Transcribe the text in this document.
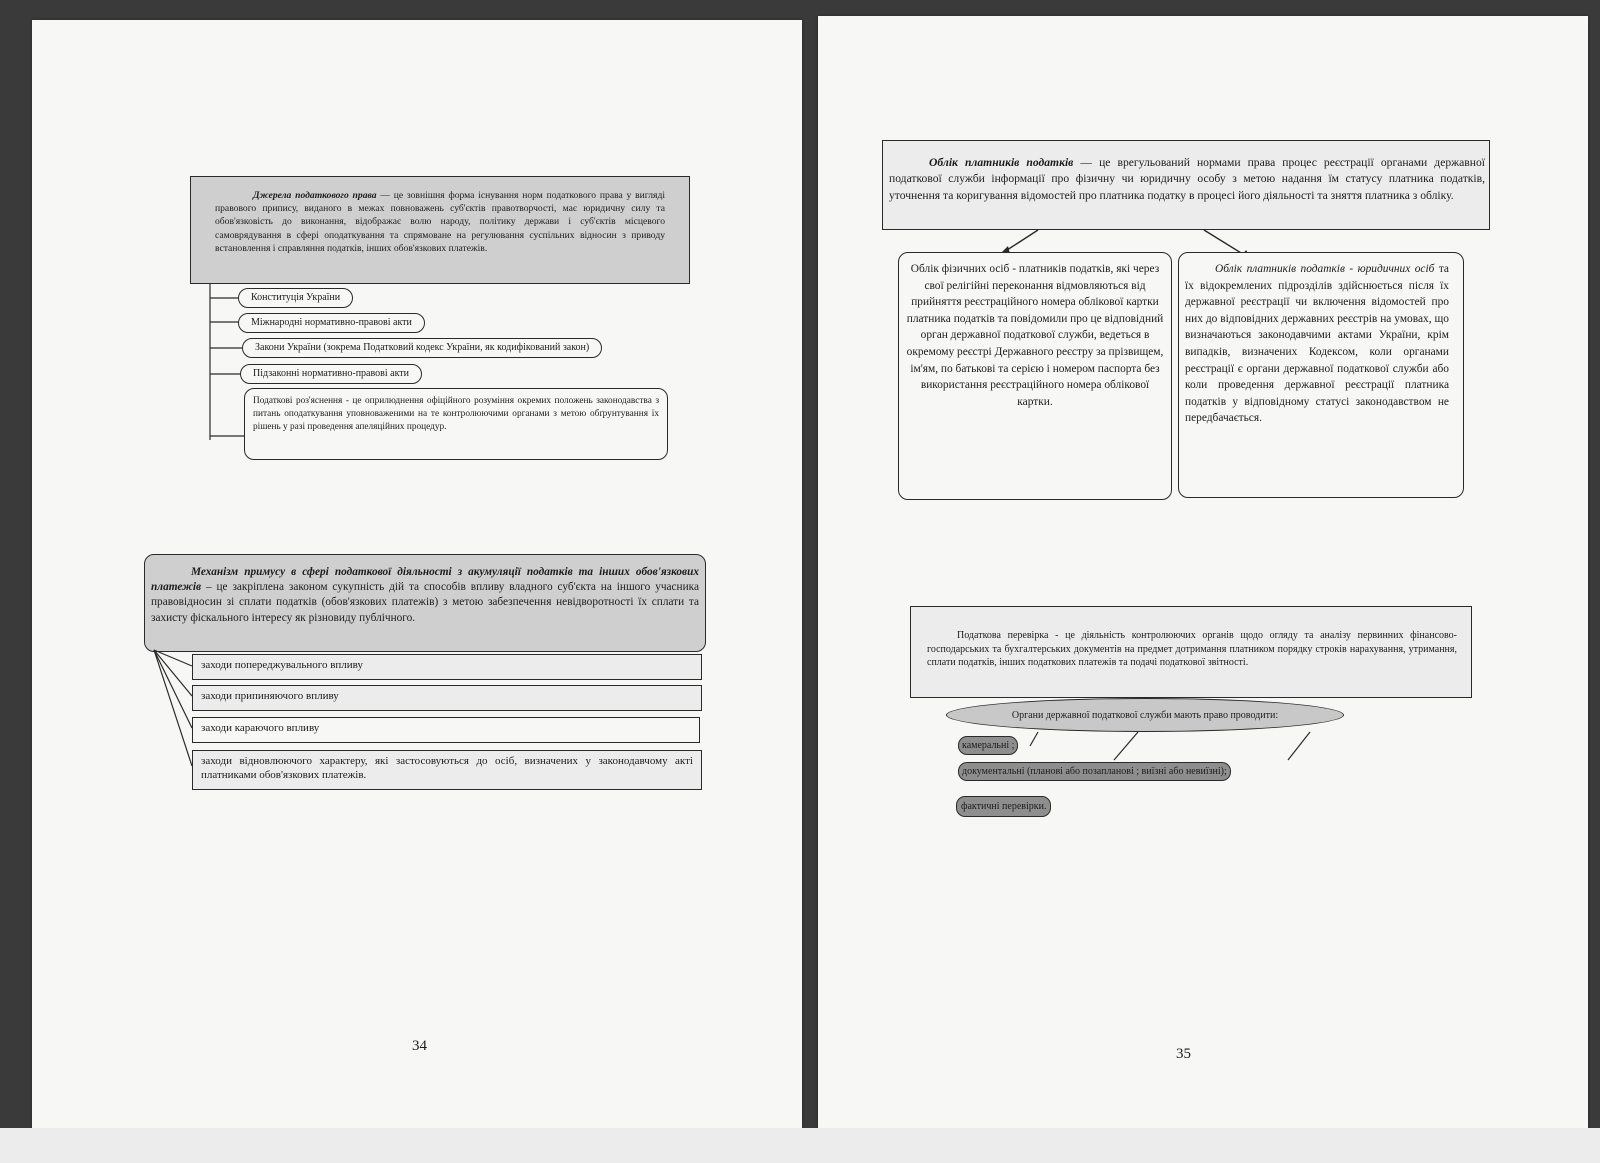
Джерела податкового права — це зовнішня форма існування норм податкового права у вигляді правового припису, виданого в межах повноважень суб'єктів правотворчості, має юридичну силу та обов'язковість до виконання, відображає волю народу, політику держави і суб'єктів місцевого самоврядування в сфері оподаткування та спрямоване на регулювання суспільних відносин з приводу встановлення і справляння податків, інших обов'язкових платежів.
Конституція України
Міжнародні нормативно-правові акти
Закони України (зокрема Податковий кодекс України, як кодифікований закон)
Підзаконні нормативно-правові акти
Податкові роз'яснення - це оприлюднення офіційного розуміння окремих положень законодавства з питань оподаткування уповноваженими на те контролюючими органами з метою обґрунтування їх рішень у разі проведення апеляційних процедур.
Механізм примусу в сфері податкової діяльності з акумуляції податків та інших обов'язкових платежів – це закріплена законом сукупність дій та способів впливу владного суб'єкта на іншого учасника правовідносин зі сплати податків (обов'язкових платежів) з метою забезпечення невідворотності їх сплати та захисту фіскального інтересу як різновиду публічного.
заходи попереджувального впливу
заходи припиняючого впливу
заходи караючого впливу
заходи відновлюючого характеру, які застосовуються до осіб, визначених у законодавчому акті платниками обов'язкових платежів.
34
Облік платників податків — це врегульований нормами права процес реєстрації органами державної податкової служби інформації про фізичну чи юридичну особу з метою надання їм статусу платника податків, уточнення та коригування відомостей про платника податку в процесі його діяльності та зняття платника з обліку.
Облік фізичних осіб - платників податків, які через свої релігійні переконання відмовляються від прийняття реєстраційного номера облікової картки платника податків та повідомили про це відповідний орган державної податкової служби, ведеться в окремому реєстрі Державного реєстру за прізвищем, ім'ям, по батькові та серією і номером паспорта без використання реєстраційного номера облікової картки.
Облік платників податків - юридичних осіб та їх відокремлених підрозділів здійснюється після їх державної реєстрації чи включення відомостей про них до відповідних державних реєстрів на умовах, що визначаються законодавчими актами України, крім випадків, визначених Кодексом, коли органами реєстрації є органи державної податкової служби або коли проведення державної реєстрації платника податків у відповідному статусі законодавством не передбачається.
Податкова перевірка - це діяльність контролюючих органів щодо огляду та аналізу первинних фінансово-господарських та бухгалтерських документів на предмет дотримання платником порядку строків нарахування, утримання, сплати податків, інших податкових платежів та подачі податкової звітності.
Органи державної податкової служби мають право проводити:
камеральні ;
документальні (планові або позапланові ; виїзні або невиїзні);
фактичні перевірки.
35
